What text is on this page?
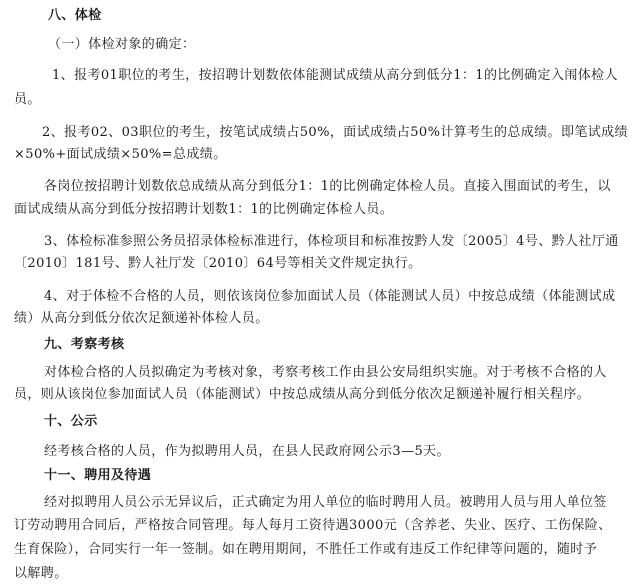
八、体检
（一）体检对象的确定：
1、报考01职位的考生，按招聘计划数依体能测试成绩从高分到低分1：1的比例确定入闱体检人
员。
2、报考02、03职位的考生，按笔试成绩占50%，面试成绩占50%计算考生的总成绩。即笔试成绩
×50%+面试成绩×50%=总成绩。
各岗位按招聘计划数依总成绩从高分到低分1：1的比例确定体检人员。直接入围面试的考生，以
面试成绩从高分到低分按招聘计划数1：1的比例确定体检人员。
3、体检标准参照公务员招录体检标准进行，体检项目和标准按黔人发〔2005〕4号、黔人社厅通
〔2010〕181号、黔人社厅发〔2010〕64号等相关文件规定执行。
4、对于体检不合格的人员，则依该岗位参加面试人员（体能测试人员）中按总成绩（体能测试成
绩）从高分到低分依次足额递补体检人员。
九、考察考核
对体检合格的人员拟确定为考核对象，考察考核工作由县公安局组织实施。对于考核不合格的人
员，则从该岗位参加面试人员（体能测试）中按总成绩从高分到低分依次足额递补履行相关程序。
十、公示
经考核合格的人员，作为拟聘用人员，在县人民政府网公示3—5天。
十一、聘用及待遇
经对拟聘用人员公示无异议后，正式确定为用人单位的临时聘用人员。被聘用人员与用人单位签
订劳动聘用合同后，严格按合同管理。每人每月工资待遇3000元（含养老、失业、医疗、工伤保险、
生育保险），合同实行一年一签制。如在聘用期间，不胜任工作或有违反工作纪律等问题的，随时予
以解聘。
